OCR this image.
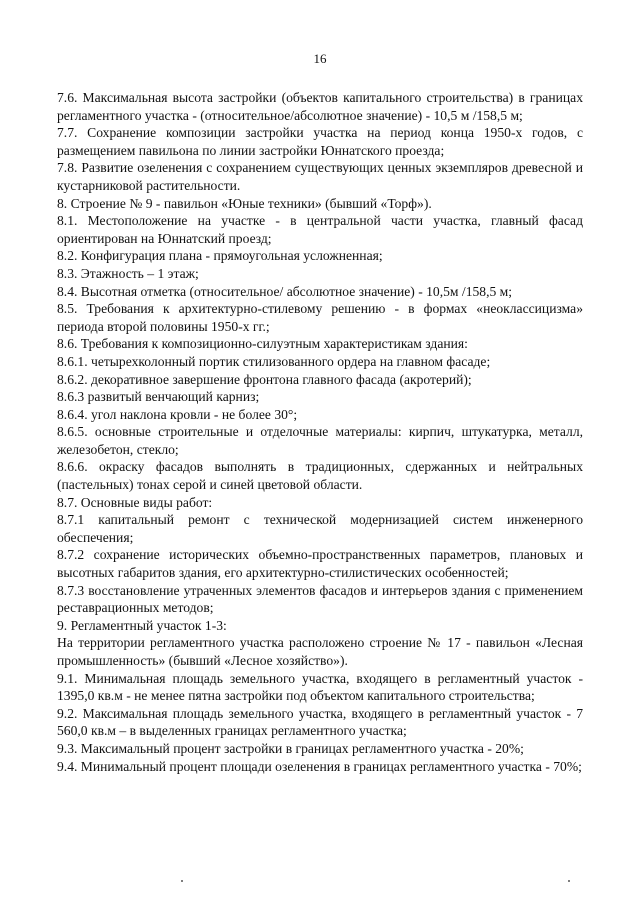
16

7.6. Максимальная высота застройки (объектов капитального строительства) в границах регламентного участка - (относительное/абсолютное значение) - 10,5 м /158,5 м;

7.7. Сохранение композиции застройки участка на период конца 1950-х годов, с размещением павильона по линии застройки Юннатского проезда;

7.8. Развитие озеленения с сохранением существующих ценных экземпляров древесной и кустарниковой растительности.

8. Строение № 9 - павильон «Юные техники» (бывший «Торф»).

8.1. Местоположение на участке - в центральной части участка, главный фасад ориентирован на Юннатский проезд;

8.2. Конфигурация плана - прямоугольная усложненная;

8.3. Этажность – 1 этаж;

8.4. Высотная отметка (относительное/ абсолютное значение) - 10,5м /158,5 м;

8.5. Требования к архитектурно-стилевому решению - в формах «неоклассицизма» периода второй половины 1950-х гг.;

8.6. Требования к композиционно-силуэтным характеристикам здания:

8.6.1. четырехколонный портик стилизованного ордера на главном фасаде;

8.6.2. декоративное завершение фронтона главного фасада (акротерий);

8.6.3 развитый венчающий карниз;

8.6.4. угол наклона кровли - не более 30°;

8.6.5. основные строительные и отделочные материалы: кирпич, штукатурка, металл, железобетон, стекло;

8.6.6. окраску фасадов выполнять в традиционных, сдержанных и нейтральных (пастельных) тонах серой и синей цветовой области.

8.7. Основные виды работ:

8.7.1 капитальный ремонт с технической модернизацией систем инженерного обеспечения;

8.7.2 сохранение исторических объемно-пространственных параметров, плановых и высотных габаритов здания, его архитектурно-стилистических особенностей;

8.7.3 восстановление утраченных элементов фасадов и интерьеров здания с применением реставрационных методов;

9. Регламентный участок 1-3:

На территории регламентного участка расположено строение № 17 - павильон «Лесная промышленность» (бывший «Лесное хозяйство»).

9.1. Минимальная площадь земельного участка, входящего в регламентный участок - 1395,0 кв.м - не менее пятна застройки под объектом капитального строительства;

9.2. Максимальная площадь земельного участка, входящего в регламентный участок - 7 560,0 кв.м – в выделенных границах регламентного участка;

9.3. Максимальный процент застройки в границах регламентного участка - 20%;

9.4. Минимальный процент площади озеленения в границах регламентного участка - 70%;
